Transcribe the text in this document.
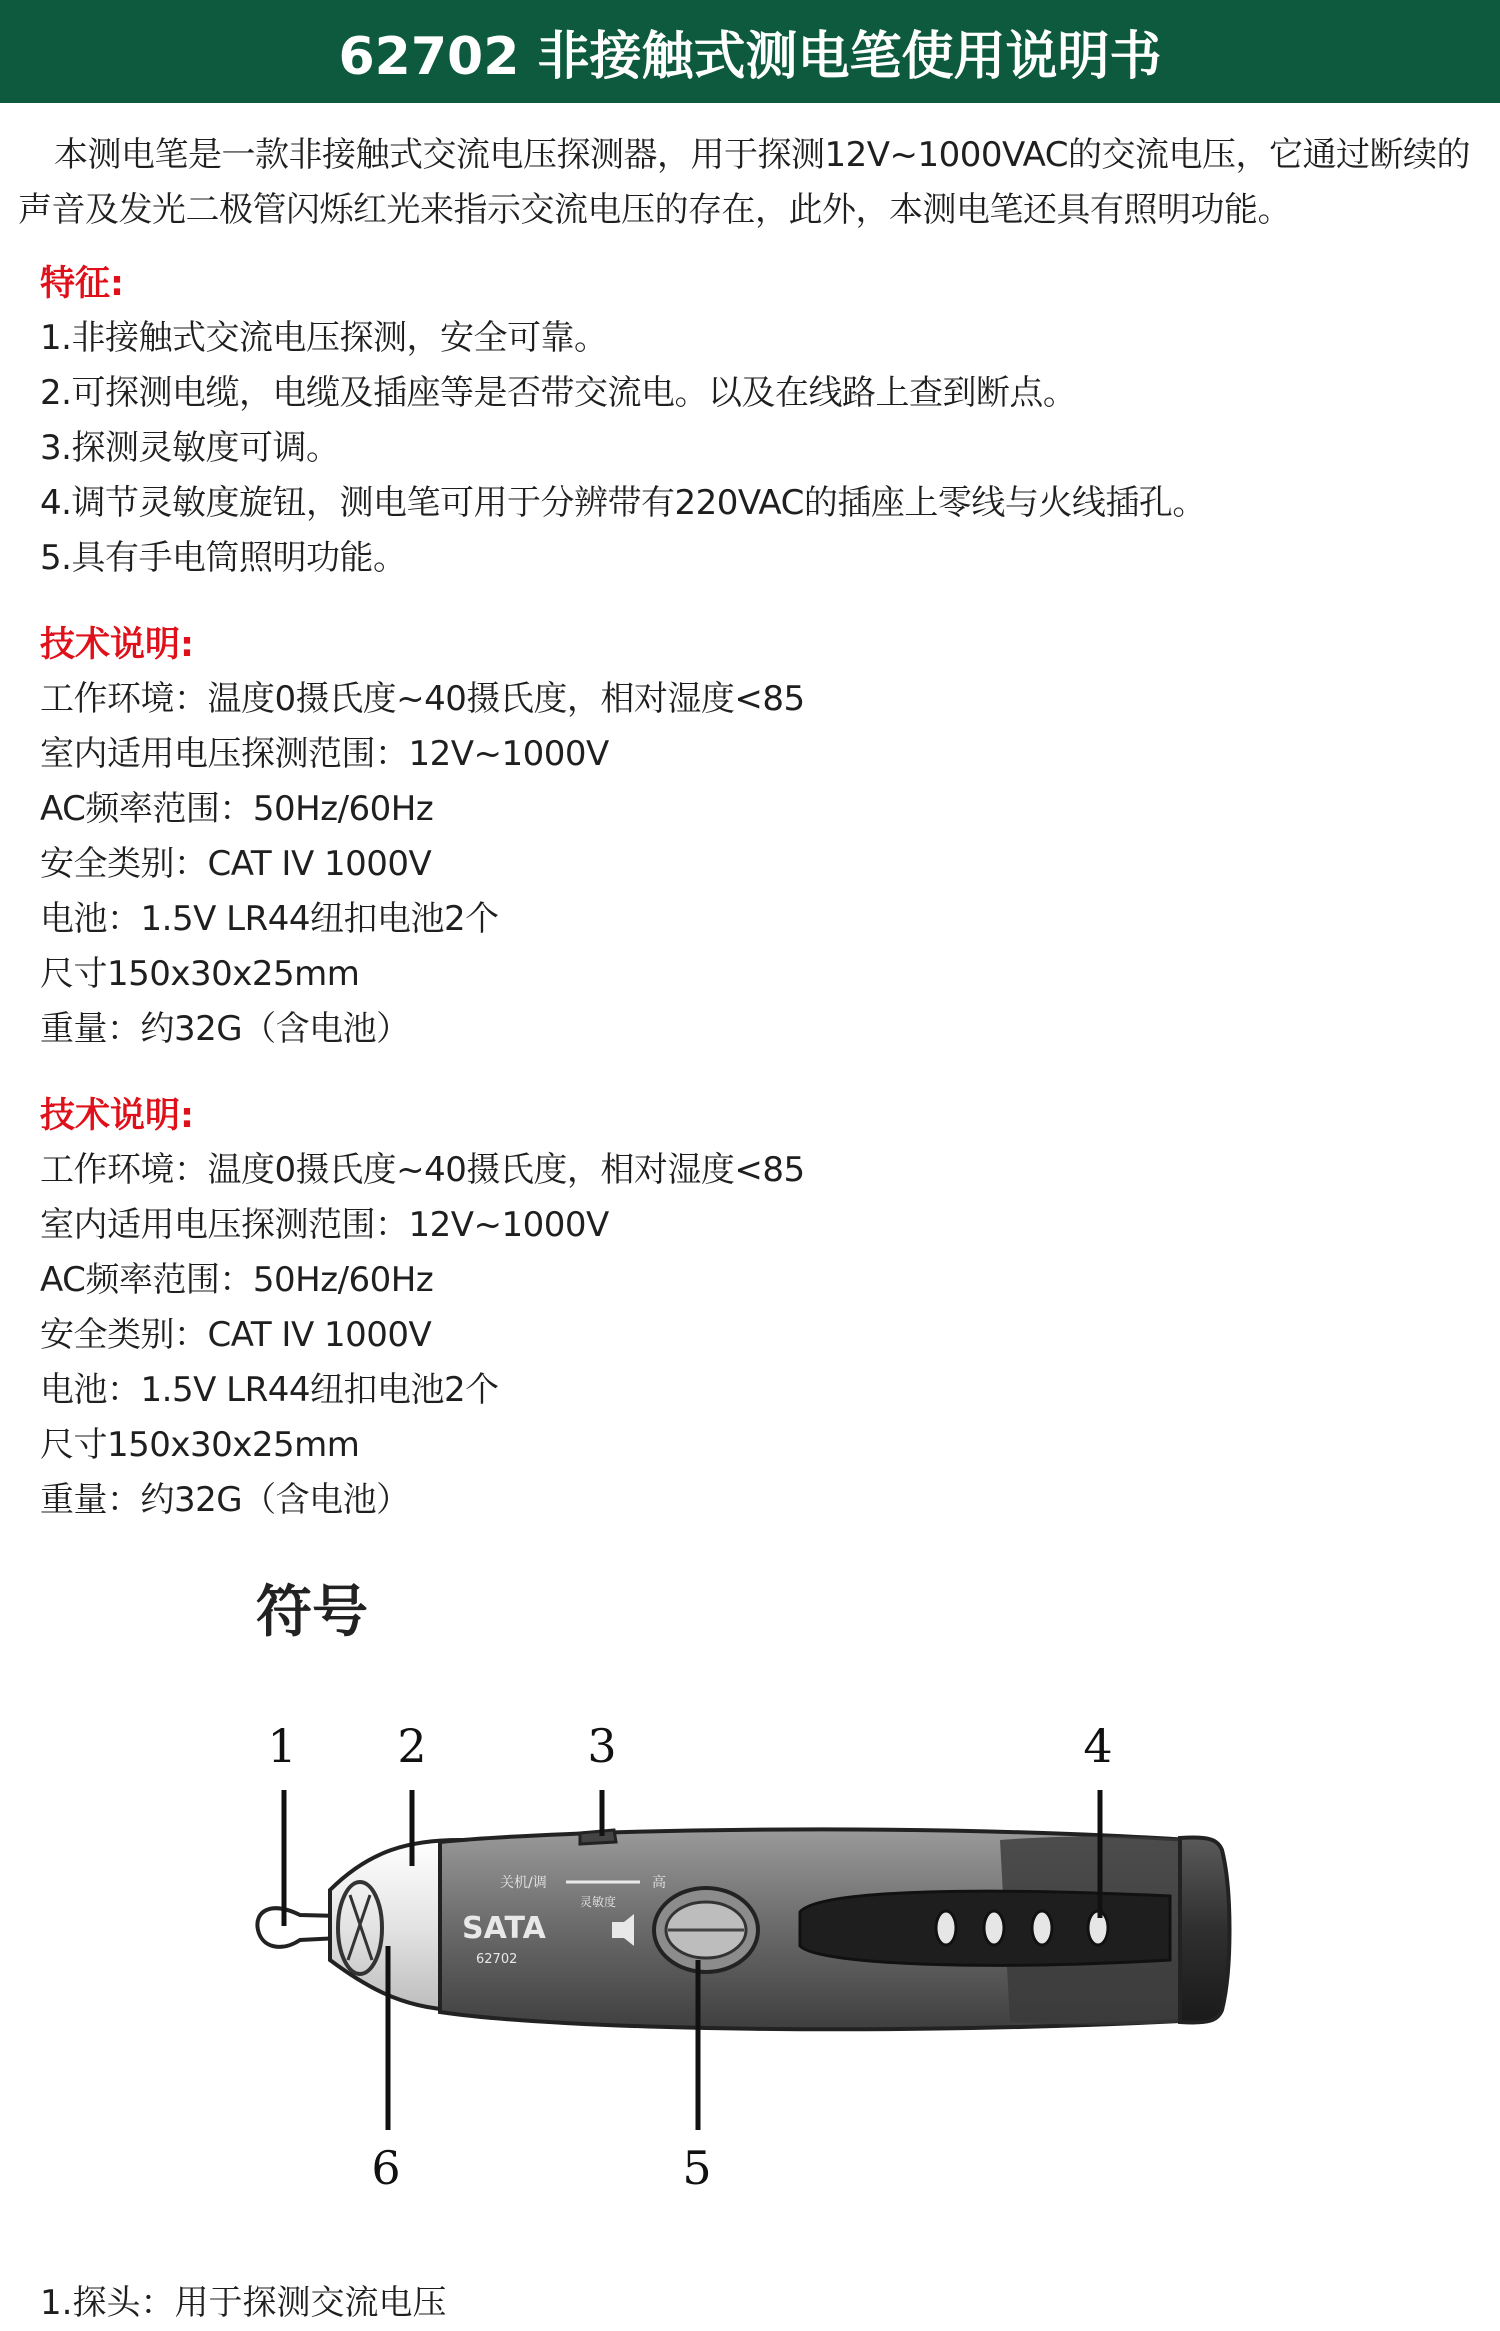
62702 非接触式测电笔使用说明书
本测电笔是一款非接触式交流电压探测器，用于探测12V~1000VAC的交流电压，它通过断续的声音及发光二极管闪烁红光来指示交流电压的存在，此外，本测电笔还具有照明功能。
特征:
1.非接触式交流电压探测，安全可靠。
2.可探测电缆，电缆及插座等是否带交流电。以及在线路上查到断点。
3.探测灵敏度可调。
4.调节灵敏度旋钮，测电笔可用于分辨带有220VAC的插座上零线与火线插孔。
5.具有手电筒照明功能。
技术说明:
工作环境：温度0摄氏度~40摄氏度，相对湿度<85
室内适用电压探测范围：12V~1000V
AC频率范围：50Hz/60Hz
安全类别：CAT IV 1000V
电池：1.5V LR44纽扣电池2个
尺寸150x30x25mm
重量：约32G（含电池）
技术说明:
工作环境：温度0摄氏度~40摄氏度，相对湿度<85
室内适用电压探测范围：12V~1000V
AC频率范围：50Hz/60Hz
安全类别：CAT IV 1000V
电池：1.5V LR44纽扣电池2个
尺寸150x30x25mm
重量：约32G（含电池）
符号
1 2	3	4
6	5
SATA
62702
关机/调	高
灵敏度
1.探头：用于探测交流电压
